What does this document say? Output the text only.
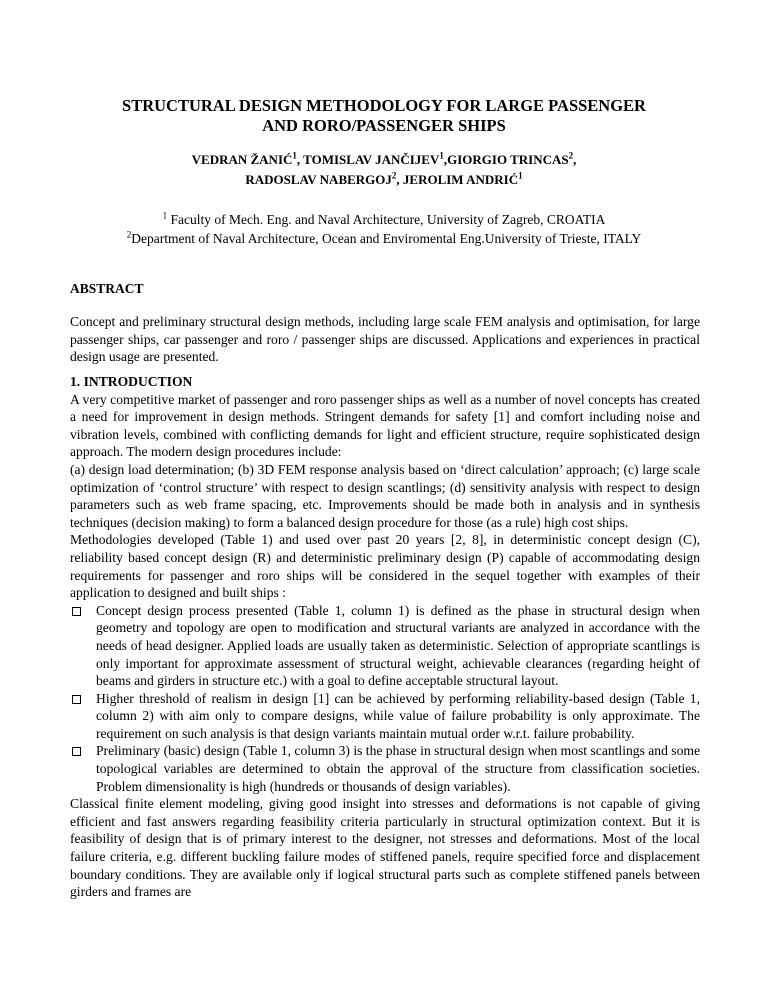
STRUCTURAL DESIGN METHODOLOGY FOR LARGE PASSENGER
AND RORO/PASSENGER SHIPS
VEDRAN ŽANIĆ$^1$, TOMISLAV JANČIJEV$^1$,GIORGIO TRINCAS$^2$,
RADOSLAV NABERGOJ$^2$, JEROLIM ANDRIĆ$^1$
$^1$ Faculty of Mech. Eng. and Naval Architecture, University of Zagreb, CROATIA
$^2$Department of Naval Architecture, Ocean and Enviromental Eng.University of Trieste, ITALY
ABSTRACT
Concept and preliminary structural design methods, including large scale FEM analysis and optimisation, for large passenger ships, car passenger and roro / passenger ships are discussed. Applications and experiences in practical design usage are presented.
1. INTRODUCTION
A very competitive market of passenger and roro passenger ships as well as a number of novel concepts has created a need for improvement in design methods. Stringent demands for safety [1] and comfort including noise and vibration levels, combined with conflicting demands for light and efficient structure, require sophisticated design approach. The modern design procedures include:
(a) design load determination; (b) 3D FEM response analysis based on ‘direct calculation’ approach; (c) large scale optimization of ‘control structure’ with respect to design scantlings; (d) sensitivity analysis with respect to design parameters such as web frame spacing, etc. Improvements should be made both in analysis and in synthesis techniques (decision making) to form a balanced design procedure for those (as a rule) high cost ships.
Methodologies developed (Table 1) and used over past 20 years [2, 8], in deterministic concept design (C), reliability based concept design (R) and deterministic preliminary design (P) capable of accommodating design requirements for passenger and roro ships will be considered in the sequel together with examples of their application to designed and built ships :
Concept design process presented (Table 1, column 1) is defined as the phase in structural design when geometry and topology are open to modification and structural variants are analyzed in accordance with the needs of head designer. Applied loads are usually taken as deterministic. Selection of appropriate scantlings is only important for approximate assessment of structural weight, achievable clearances (regarding height of beams and girders in structure etc.) with a goal to define acceptable structural layout.
Higher threshold of realism in design [1] can be achieved by performing reliability-based design (Table 1, column 2) with aim only to compare designs, while value of failure probability is only approximate. The requirement on such analysis is that design variants maintain mutual order w.r.t. failure probability.
Preliminary (basic) design (Table 1, column 3) is the phase in structural design when most scantlings and some topological variables are determined to obtain the approval of the structure from classification societies. Problem dimensionality is high (hundreds or thousands of design variables).
Classical finite element modeling, giving good insight into stresses and deformations is not capable of giving efficient and fast answers regarding feasibility criteria particularly in structural optimization context. But it is feasibility of design that is of primary interest to the designer, not stresses and deformations. Most of the local failure criteria, e.g. different buckling failure modes of stiffened panels, require specified force and displacement boundary conditions. They are available only if logical structural parts such as complete stiffened panels between girders and frames are
